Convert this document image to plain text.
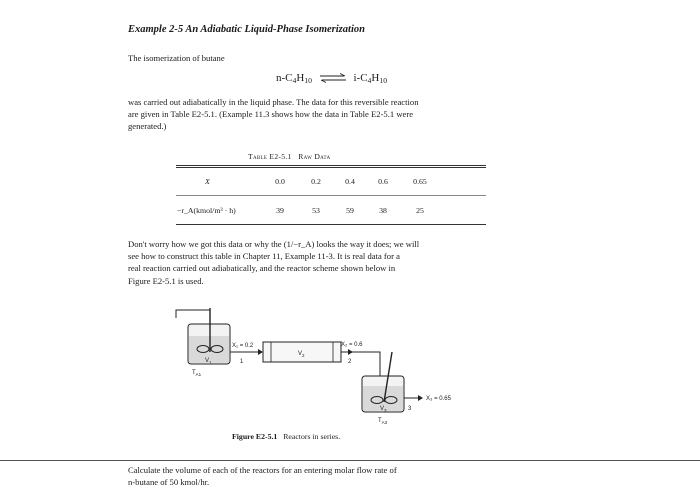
Example 2-5 An Adiabatic Liquid-Phase Isomerization
The isomerization of butane
$n-C_4H_{10}$ ⇌ $i-C_4H_{10}$
was carried out adiabatically in the liquid phase. The data for this reversible reaction
are given in Table E2-5.1. (Example 11.3 shows how the data in Table E2-5.1 were
generated.)
Table E2-5.1 Raw Data
X	0.0	0.2	0.4	0.6	0.65
−r_A(kmol/m³ · h)	39	53	59	38	25
Don't worry how we got this data or why the (1/−r_A) looks the way it does; we will
see how to construct this table in Chapter 11, Example 11-3. It is real data for a
real reaction carried out adiabatically, and the reactor scheme shown below in
Figure E2-5.1 is used.
$V_1$
$T_{A1}$
X₁ = 0.2
1
$V_2$
X₂ = 0.6
2
$V_3$
$T_{A3}$
X₃ = 0.65
3
Figure E2-5.1 Reactors in series.
Calculate the volume of each of the reactors for an entering molar flow rate of
n-butane of 50 kmol/hr.
